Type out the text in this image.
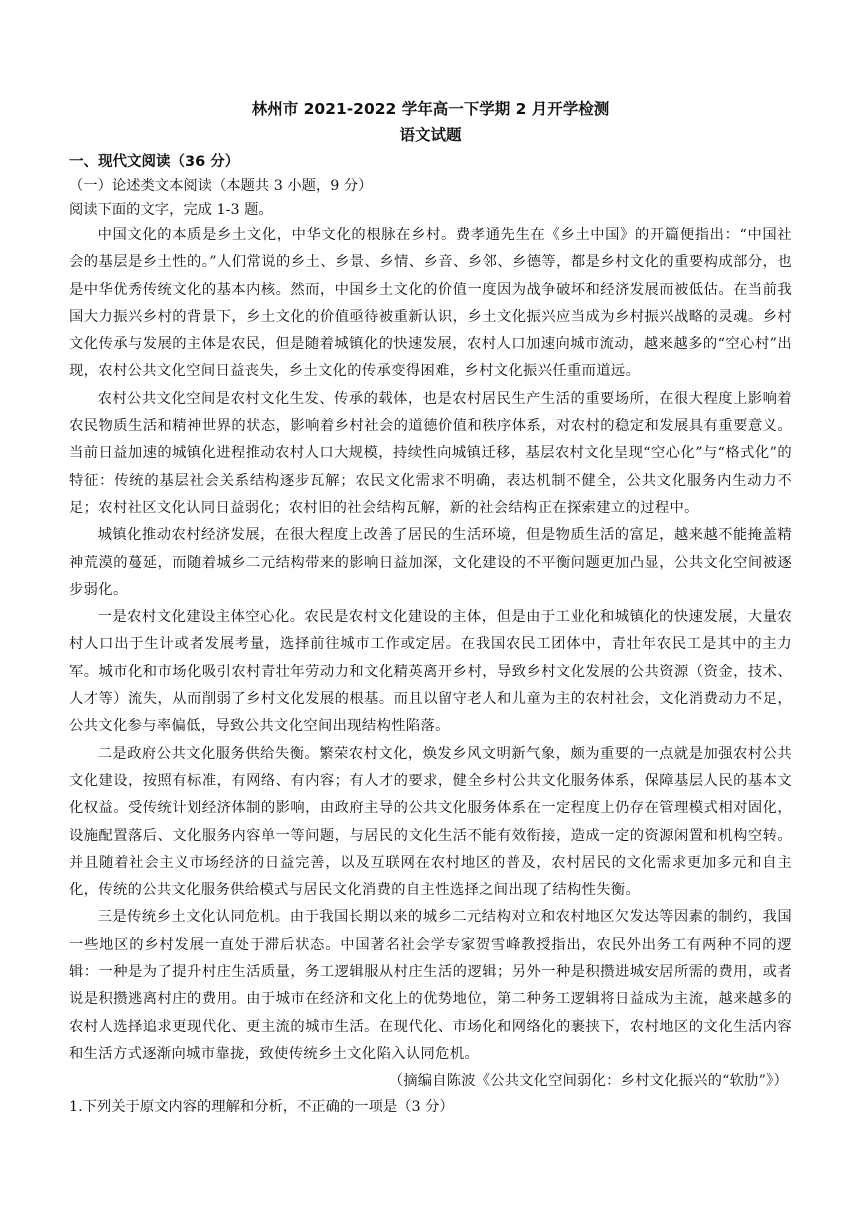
林州市 2021-2022 学年高一下学期 2 月开学检测

语文试题

一、现代文阅读（36 分）

（一）论述类文本阅读（本题共 3 小题，9 分）

阅读下面的文字，完成 1-3 题。

中国文化的本质是乡土文化，中华文化的根脉在乡村。费孝通先生在《乡土中国》的开篇便指出：“中国社会的基层是乡土性的。”人们常说的乡土、乡景、乡情、乡音、乡邻、乡德等，都是乡村文化的重要构成部分，也是中华优秀传统文化的基本内核。然而，中国乡土文化的价值一度因为战争破坏和经济发展而被低估。在当前我国大力振兴乡村的背景下，乡土文化的价值亟待被重新认识，乡土文化振兴应当成为乡村振兴战略的灵魂。乡村文化传承与发展的主体是农民，但是随着城镇化的快速发展，农村人口加速向城市流动，越来越多的“空心村”出现，农村公共文化空间日益丧失，乡土文化的传承变得困难，乡村文化振兴任重而道远。

农村公共文化空间是农村文化生发、传承的载体，也是农村居民生产生活的重要场所，在很大程度上影响着农民物质生活和精神世界的状态，影响着乡村社会的道德价值和秩序体系，对农村的稳定和发展具有重要意义。当前日益加速的城镇化进程推动农村人口大规模，持续性向城镇迁移，基层农村文化呈现“空心化”与“格式化”的特征：传统的基层社会关系结构逐步瓦解；农民文化需求不明确，表达机制不健全，公共文化服务内生动力不足；农村社区文化认同日益弱化；农村旧的社会结构瓦解，新的社会结构正在探索建立的过程中。

城镇化推动农村经济发展，在很大程度上改善了居民的生活环境，但是物质生活的富足，越来越不能掩盖精神荒漠的蔓延，而随着城乡二元结构带来的影响日益加深，文化建设的不平衡问题更加凸显，公共文化空间被逐步弱化。

一是农村文化建设主体空心化。农民是农村文化建设的主体，但是由于工业化和城镇化的快速发展，大量农村人口出于生计或者发展考量，选择前往城市工作或定居。在我国农民工团体中，青壮年农民工是其中的主力军。城市化和市场化吸引农村青壮年劳动力和文化精英离开乡村，导致乡村文化发展的公共资源（资金，技术、人才等）流失，从而削弱了乡村文化发展的根基。而且以留守老人和儿童为主的农村社会，文化消费动力不足，公共文化参与率偏低，导致公共文化空间出现结构性陷落。

二是政府公共文化服务供给失衡。繁荣农村文化，焕发乡风文明新气象，颇为重要的一点就是加强农村公共文化建设，按照有标准，有网络、有内容；有人才的要求，健全乡村公共文化服务体系，保障基层人民的基本文化权益。受传统计划经济体制的影响，由政府主导的公共文化服务体系在一定程度上仍存在管理模式相对固化，设施配置落后、文化服务内容单一等问题，与居民的文化生活不能有效衔接，造成一定的资源闲置和机构空转。并且随着社会主义市场经济的日益完善，以及互联网在农村地区的普及，农村居民的文化需求更加多元和自主化，传统的公共文化服务供给模式与居民文化消费的自主性选择之间出现了结构性失衡。

三是传统乡土文化认同危机。由于我国长期以来的城乡二元结构对立和农村地区欠发达等因素的制约，我国一些地区的乡村发展一直处于滞后状态。中国著名社会学专家贺雪峰教授指出，农民外出务工有两种不同的逻辑：一种是为了提升村庄生活质量，务工逻辑服从村庄生活的逻辑；另外一种是积攒进城安居所需的费用，或者说是积攒逃离村庄的费用。由于城市在经济和文化上的优势地位，第二种务工逻辑将日益成为主流，越来越多的农村人选择追求更现代化、更主流的城市生活。在现代化、市场化和网络化的裹挟下，农村地区的文化生活内容和生活方式逐渐向城市靠拢，致使传统乡土文化陷入认同危机。

（摘编自陈波《公共文化空间弱化：乡村文化振兴的“软肋”》）

1.下列关于原文内容的理解和分析，不正确的一项是（3 分）
